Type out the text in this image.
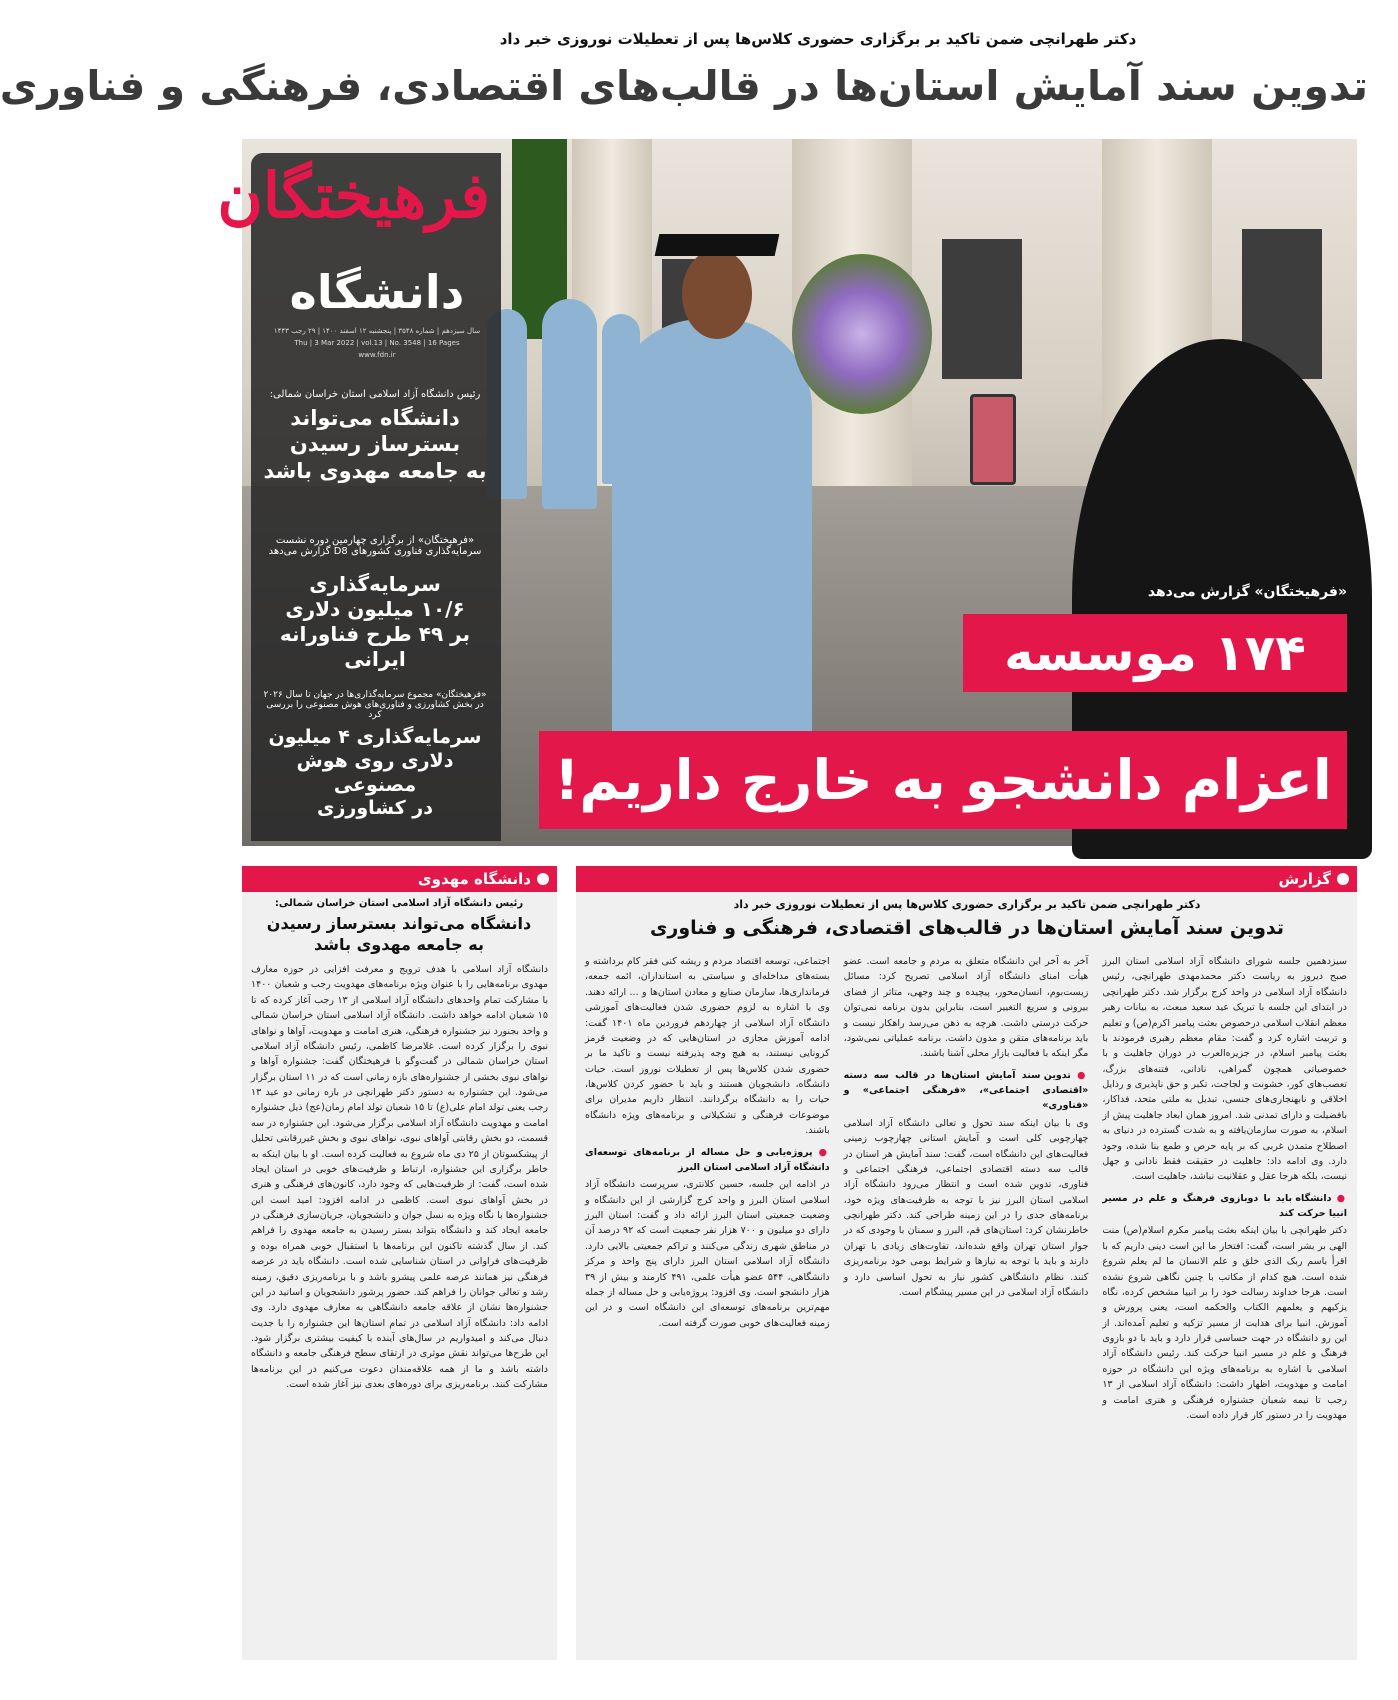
دکتر طهرانچی ضمن تاکید بر برگزاری حضوری کلاس‌ها پس از تعطیلات نوروزی خبر داد
تدوین سند آمایش استان‌ها در قالب‌های اقتصادی، فرهنگی و فناوری
فرهیختگان
دانشگاه
سال سیزدهم | شماره ۳۵۴۸ | پنجشنبه ۱۲ اسفند ۱۴۰۰ | ۲۹ رجب ۱۴۴۳
Thu | 3 Mar 2022 | vol.13 | No. 3548 | 16 Pages
www.fdn.ir
رئیس دانشگاه آزاد اسلامی استان خراسان شمالی:
دانشگاه می‌تواند
بسترساز رسیدن
به جامعه مهدوی باشد
«فرهیختگان» از برگزاری چهارمین دوره نشست
سرمایه‌گذاری فناوری کشورهای D8 گزارش می‌دهد
سرمایه‌گذاری
۱۰/۶ میلیون دلاری
بر ۴۹ طرح فناورانه ایرانی
«فرهیختگان» مجموع سرمایه‌گذاری‌ها در جهان تا سال ۲۰۲۶
در بخش کشاورزی و فناوری‌های هوش مصنوعی را بررسی کرد
سرمایه‌گذاری ۴ میلیون
دلاری روی هوش مصنوعی
در کشاورزی
«فرهیختگان» گزارش می‌دهد
۱۷۴ موسسه
اعزام دانشجو به خارج داریم!
گزارش
دکتر طهرانچی ضمن تاکید بر برگزاری حضوری کلاس‌ها پس از تعطیلات نوروزی خبر داد
تدوین سند آمایش استان‌ها در قالب‌های اقتصادی، فرهنگی و فناوری
سیزدهمین جلسه شورای دانشگاه آزاد اسلامی استان البرز صبح دیروز به ریاست دکتر محمدمهدی طهرانچی، رئیس دانشگاه آزاد اسلامی در واحد کرج برگزار شد. دکتر طهرانچی در ابتدای این جلسه با تبریک عید سعید مبعث، به بیانات رهبر معظم انقلاب اسلامی درخصوص بعثت پیامبر اکرم(ص) و تعلیم و تربیت اشاره کرد و گفت: مقام معظم رهبری فرمودند با بعثت پیامبر اسلام، در جزیره‌العرب در دوران جاهلیت و با خصوصیاتی همچون گمراهی، نادانی، فتنه‌های بزرگ، تعصب‌های کور، خشونت و لجاجت، تکبر و حق ناپذیری و رذایل اخلاقی و نابهنجاری‌های جنسی، تبدیل به ملتی متحد، فداکار، بافضیلت و دارای تمدنی شد. امروز همان ابعاد جاهلیت پیش از اسلام، به صورت سازمان‌یافته و به شدت گسترده در دنیای به اصطلاح متمدن غربی که بر پایه حرص و طمع بنا شده، وجود دارد. وی ادامه داد: جاهلیت در حقیقت فقط نادانی و جهل نیست، بلکه هرجا عقل و عقلانیت نباشد، جاهلیت است.
● دانشگاه باید با دوبازوی فرهنگ و علم در مسیر انبیا حرکت کند
دکتر طهرانچی با بیان اینکه بعثت پیامبر مکرم اسلام(ص) منت الهی بر بشر است، گفت: افتخار ما این است دینی داریم که با اقرأ باسم ربک الذی خلق و علم الانسان ما لم یعلم شروع شده است. هیچ کدام از مکاتب با چنین نگاهی شروع نشده است. هرجا خداوند رسالت خود را بر انبیا مشخص کرده، نگاه یزکیهم و یعلمهم الکتاب والحکمه است، یعنی پرورش و آموزش. انبیا برای هدایت از مسیر تزکیه و تعلیم آمده‌اند. از این رو دانشگاه در جهت حساسی قرار دارد و باید با دو بازوی فرهنگ و علم در مسیر انبیا حرکت کند. رئیس دانشگاه آزاد اسلامی با اشاره به برنامه‌های ویژه این دانشگاه در حوزه امامت و مهدویت، اظهار داشت: دانشگاه آزاد اسلامی از ۱۳ رجب تا نیمه شعبان جشنواره فرهنگی و هنری امامت و مهدویت را در دستور کار قرار داده است.
آخر به آخر این دانشگاه متعلق به مردم و جامعه است. عضو هیأت امنای دانشگاه آزاد اسلامی تصریح کرد: مسائل زیست‌بوم، انسان‌محور، پیچیده و چند وجهی، متاثر از فضای بیرونی و سریع التغییر است، بنابراین بدون برنامه نمی‌توان حرکت درستی داشت. هرچه به ذهن می‌رسد راهکار نیست و باید برنامه‌های متقن و مدون داشت. برنامه عملیاتی نمی‌شود، مگر اینکه با فعالیت بازار محلی آشنا باشند.
● تدوین سند آمایش استان‌ها در قالب سه دسته «اقتصادی اجتماعی»، «فرهنگی اجتماعی» و «فناوری»
وی با بیان اینکه سند تحول و تعالی دانشگاه آزاد اسلامی چهارچوبی کلی است و آمایش استانی چهارچوب زمینی فعالیت‌های این دانشگاه است، گفت: سند آمایش هر استان در قالب سه دسته اقتصادی اجتماعی، فرهنگی اجتماعی و فناوری، تدوین شده است و انتظار می‌رود دانشگاه آزاد اسلامی استان البرز نیز با توجه به ظرفیت‌های ویژه خود، برنامه‌های جدی را در این زمینه طراحی کند. دکتر طهرانچی خاطرنشان کرد: استان‌های قم، البرز و سمنان با وجودی که در جوار استان تهران واقع شده‌اند، تفاوت‌های زیادی با تهران دارند و باید با توجه به نیازها و شرایط بومی خود برنامه‌ریزی کنند. نظام دانشگاهی کشور نیاز به تحول اساسی دارد و دانشگاه آزاد اسلامی در این مسیر پیشگام است.
اجتماعی، توسعه اقتصاد مردم و ریشه کنی فقر کام برداشته و بسته‌های مداخله‌ای و سیاستی به استانداران، ائمه جمعه، فرمانداری‌ها، سازمان صنایع و معادن استان‌ها و ... ارائه دهند. وی با اشاره به لزوم حضوری شدن فعالیت‌های آموزشی دانشگاه آزاد اسلامی از چهاردهم فروردین ماه ۱۴۰۱ گفت: ادامه آموزش مجازی در استان‌هایی که در وضعیت قرمز کرونایی نیستند، به هیچ وجه پذیرفته نیست و تاکید ما بر حضوری شدن کلاس‌ها پس از تعطیلات نوروز است. حیات دانشگاه، دانشجویان هستند و باید با حضور کردن کلاس‌ها، حیات را به دانشگاه برگردانند. انتظار داریم مدیران برای موضوعات فرهنگی و تشکیلاتی و برنامه‌های ویژه دانشگاه باشند.
● پروژه‌یابی و حل مساله از برنامه‌های توسعه‌ای دانشگاه آزاد اسلامی استان البرز
در ادامه این جلسه، حسین کلانتری، سرپرست دانشگاه آزاد اسلامی استان البرز و واحد کرج گزارشی از این دانشگاه و وضعیت جمعیتی استان البرز ارائه داد و گفت: استان البرز دارای دو میلیون و ۷۰۰ هزار نفر جمعیت است که ۹۲ درصد آن در مناطق شهری زندگی می‌کنند و تراکم جمعیتی بالایی دارد. دانشگاه آزاد اسلامی استان البرز دارای پنج واحد و مرکز دانشگاهی، ۵۴۴ عضو هیأت علمی، ۴۹۱ کارمند و بیش از ۳۹ هزار دانشجو است. وی افزود: پروژه‌یابی و حل مساله از جمله مهم‌ترین برنامه‌های توسعه‌ای این دانشگاه است و در این زمینه فعالیت‌های خوبی صورت گرفته است.
دانشگاه مهدوی
رئیس دانشگاه آزاد اسلامی استان خراسان شمالی:
دانشگاه می‌تواند بسترساز رسیدن
به جامعه مهدوی باشد
دانشگاه آزاد اسلامی با هدف ترویج و معرفت افزایی در حوزه معارف مهدوی برنامه‌هایی را با عنوان ویژه برنامه‌های مهدویت رجب و شعبان ۱۴۰۰ با مشارکت تمام واحدهای دانشگاه آزاد اسلامی از ۱۳ رجب آغاز کرده که تا ۱۵ شعبان ادامه خواهد داشت. دانشگاه آزاد اسلامی استان خراسان شمالی و واحد بجنورد نیز جشنواره فرهنگی، هنری امامت و مهدویت، آواها و نواهای نبوی را برگزار کرده است. غلامرضا کاظمی، رئیس دانشگاه آزاد اسلامی استان خراسان شمالی در گفت‌وگو با فرهیختگان گفت: جشنواره آواها و نواهای نبوی بخشی از جشنواره‌های بازه زمانی است که در ۱۱ استان برگزار می‌شود. این جشنواره به دستور دکتر طهرانچی در بازه زمانی دو عید ۱۳ رجب یعنی تولد امام علی(ع) تا ۱۵ شعبان تولد امام زمان(عج) ذیل جشنواره امامت و مهدویت دانشگاه آزاد اسلامی برگزار می‌شود. این جشنواره در سه قسمت، دو بخش رقابتی آواهای نبوی، نواهای نبوی و بخش غیررقابتی تحلیل از پیشکسوتان از ۲۵ دی ماه شروع به فعالیت کرده است. او با بیان اینکه به خاطر برگزاری این جشنواره، ارتباط و ظرفیت‌های خوبی در استان ایجاد شده است، گفت: از ظرفیت‌هایی که وجود دارد، کانون‌های فرهنگی و هنری در بخش آواهای نبوی است. کاظمی در ادامه افزود: امید است این جشنواره‌ها با نگاه ویژه به نسل جوان و دانشجویان، جریان‌سازی فرهنگی در جامعه ایجاد کند و دانشگاه بتواند بستر رسیدن به جامعه مهدوی را فراهم کند. از سال گذشته تاکنون این برنامه‌ها با استقبال خوبی همراه بوده و ظرفیت‌های فراوانی در استان شناسایی شده است. دانشگاه باید در عرصه فرهنگی نیز همانند عرصه علمی پیشرو باشد و با برنامه‌ریزی دقیق، زمینه رشد و تعالی جوانان را فراهم کند. حضور پرشور دانشجویان و اساتید در این جشنواره‌ها نشان از علاقه جامعه دانشگاهی به معارف مهدوی دارد. وی ادامه داد: دانشگاه آزاد اسلامی در تمام استان‌ها این جشنواره را با جدیت دنبال می‌کند و امیدواریم در سال‌های آینده با کیفیت بیشتری برگزار شود. این طرح‌ها می‌تواند نقش موثری در ارتقای سطح فرهنگی جامعه و دانشگاه داشته باشد و ما از همه علاقه‌مندان دعوت می‌کنیم در این برنامه‌ها مشارکت کنند. برنامه‌ریزی برای دوره‌های بعدی نیز آغاز شده است.
